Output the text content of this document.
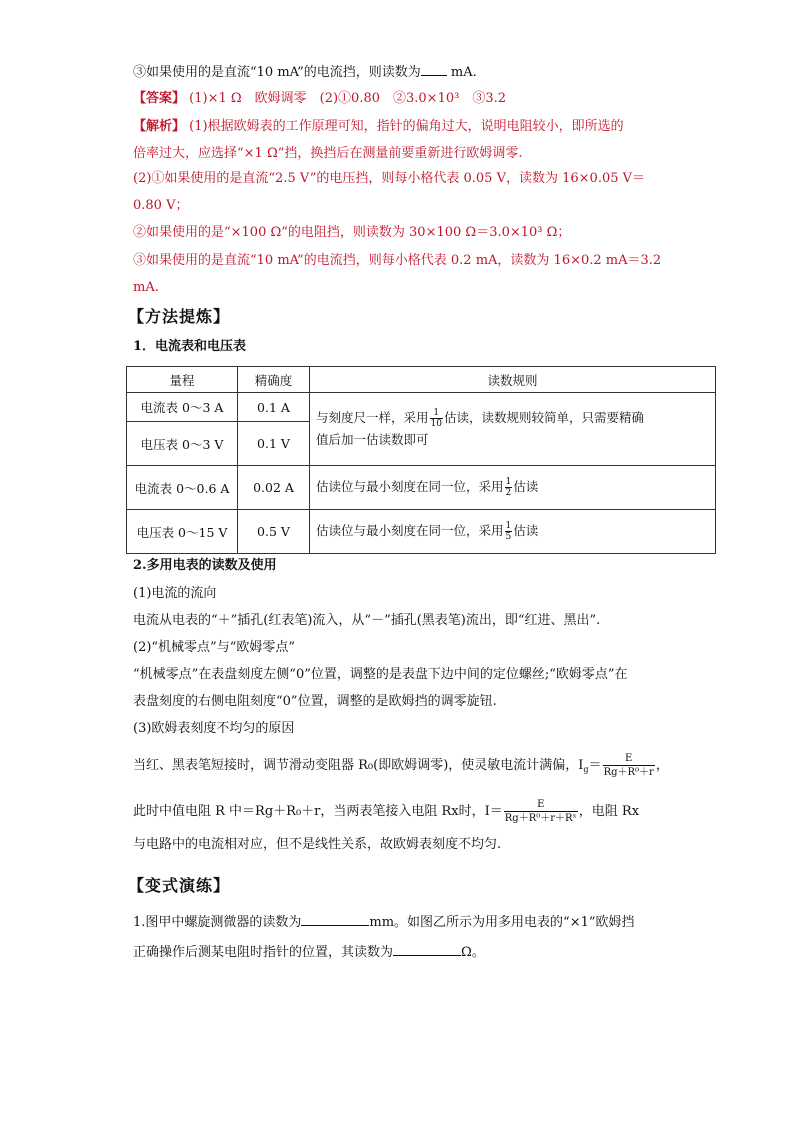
③如果使用的是直流“10 mA”的电流挡，则读数为 mA.
【答案】 (1)×1 Ω　欧姆调零　(2)①0.80　②3.0×10³　③3.2
【解析】 (1)根据欧姆表的工作原理可知，指针的偏角过大，说明电阻较小，即所选的
倍率过大，应选择“×1 Ω”挡，换挡后在测量前要重新进行欧姆调零.
(2)①如果使用的是直流“2.5 V”的电压挡，则每小格代表 0.05 V，读数为 16×0.05 V＝
0.80 V；
②如果使用的是“×100 Ω”的电阻挡，则读数为 30×100 Ω＝3.0×10³ Ω；
③如果使用的是直流“10 mA”的电流挡，则每小格代表 0.2 mA，读数为 16×0.2 mA＝3.2
mA.
【方法提炼】
1．电流表和电压表
量程	精确度	读数规则
电流表 0～3 A	0.1 A	与刻度尺一样，采用 $\frac{1}{10}$ 估读，读数规则较简单，只需要精确
值后加一估读数即可

电压表 0～3 V	0.1 V	
电流表 0～0.6 A	0.02 A	估读位与最小刻度在同一位，采用 $\frac{1}{2}$ 估读
电压表 0～15 V	0.5 V	估读位与最小刻度在同一位，采用 $\frac{1}{5}$ 估读
2.多用电表的读数及使用
(1)电流的流向
电流从电表的“＋”插孔(红表笔)流入，从“－”插孔(黑表笔)流出，即“红进、黑出”.
(2)“机械零点”与“欧姆零点”
“机械零点”在表盘刻度左侧“0”位置，调整的是表盘下边中间的定位螺丝;“欧姆零点”在
表盘刻度的右侧电阻刻度“0”位置，调整的是欧姆挡的调零旋钮.
(3)欧姆表刻度不均匀的原因
当红、黑表笔短接时，调节滑动变阻器 R₀(即欧姆调零)，使灵敏电流计满偏，$I_g= \frac{E}{\text{Rg＋R⁰＋r}}$ ，
此时中值电阻 R 中＝Rg＋R₀＋r，当两表笔接入电阻 Rx时，$I= \frac{E}{\text{Rg＋R⁰＋r＋Rˣ}}$ ，电阻 Rx
与电路中的电流相对应，但不是线性关系，故欧姆表刻度不均匀.
【变式演练】
1.图甲中螺旋测微器的读数为	mm。如图乙所示为用多用电表的“×1”欧姆挡
正确操作后测某电阻时指针的位置，其读数为	Ω。
